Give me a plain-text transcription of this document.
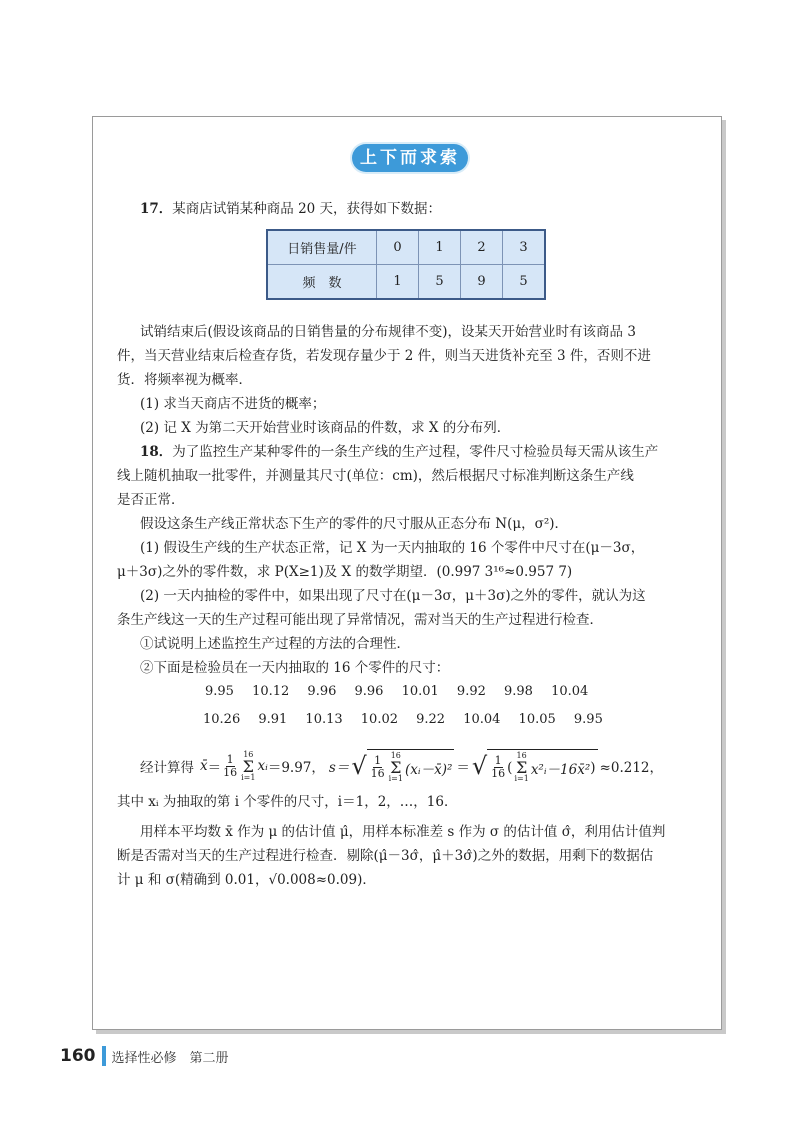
上下而求索
17．某商店试销某种商品 20 天，获得如下数据：
日销售量/件	0	1	2	3
频　数	1	5	9	5
试销结束后(假设该商品的日销售量的分布规律不变)，设某天开始营业时有该商品 3
件，当天营业结束后检查存货，若发现存量少于 2 件，则当天进货补充至 3 件，否则不进
货．将频率视为概率．
(1) 求当天商店不进货的概率；
(2) 记 X 为第二天开始营业时该商品的件数，求 X 的分布列．
18．为了监控生产某种零件的一条生产线的生产过程，零件尺寸检验员每天需从该生产
线上随机抽取一批零件，并测量其尺寸(单位：cm)，然后根据尺寸标准判断这条生产线
是否正常．
假设这条生产线正常状态下生产的零件的尺寸服从正态分布 N(μ，σ²)．
(1) 假设生产线的生产状态正常，记 X 为一天内抽取的 16 个零件中尺寸在(μ－3σ，
μ＋3σ)之外的零件数，求 P(X≥1)及 X 的数学期望．(0.997 3¹⁶≈0.957 7)
(2) 一天内抽检的零件中，如果出现了尺寸在(μ－3σ，μ＋3σ)之外的零件，就认为这
条生产线这一天的生产过程可能出现了异常情况，需对当天的生产过程进行检查．
①试说明上述监控生产过程的方法的合理性．
②下面是检验员在一天内抽取的 16 个零件的尺寸：
9.95 10.12 9.96 9.96 10.01 9.92 9.98 10.04
10.26 9.91 10.13 10.02 9.22 10.04 10.05 9.95
经计算得 x̄ ＝ $\frac{1}{16} 16$
Σ
i=1
xᵢ ＝9.97， s＝ √ $\frac{1}{16} 16$
Σ
i=1
(xᵢ－x̄)² ＝ √ $\frac{1}{16}$ (
16
Σ
i=1
x²ᵢ－16x̄² ) ≈0.212，
其中 xᵢ 为抽取的第 i 个零件的尺寸，i＝1，2，…，16．
用样本平均数 x̄ 作为 μ 的估计值 μ̂，用样本标准差 s 作为 σ 的估计值 σ̂，利用估计值判
断是否需对当天的生产过程进行检查．剔除(μ̂－3σ̂，μ̂＋3σ̂)之外的数据，用剩下的数据估
计 μ 和 σ(精确到 0.01，√0.008≈0.09)．
160 选择性必修　第二册
